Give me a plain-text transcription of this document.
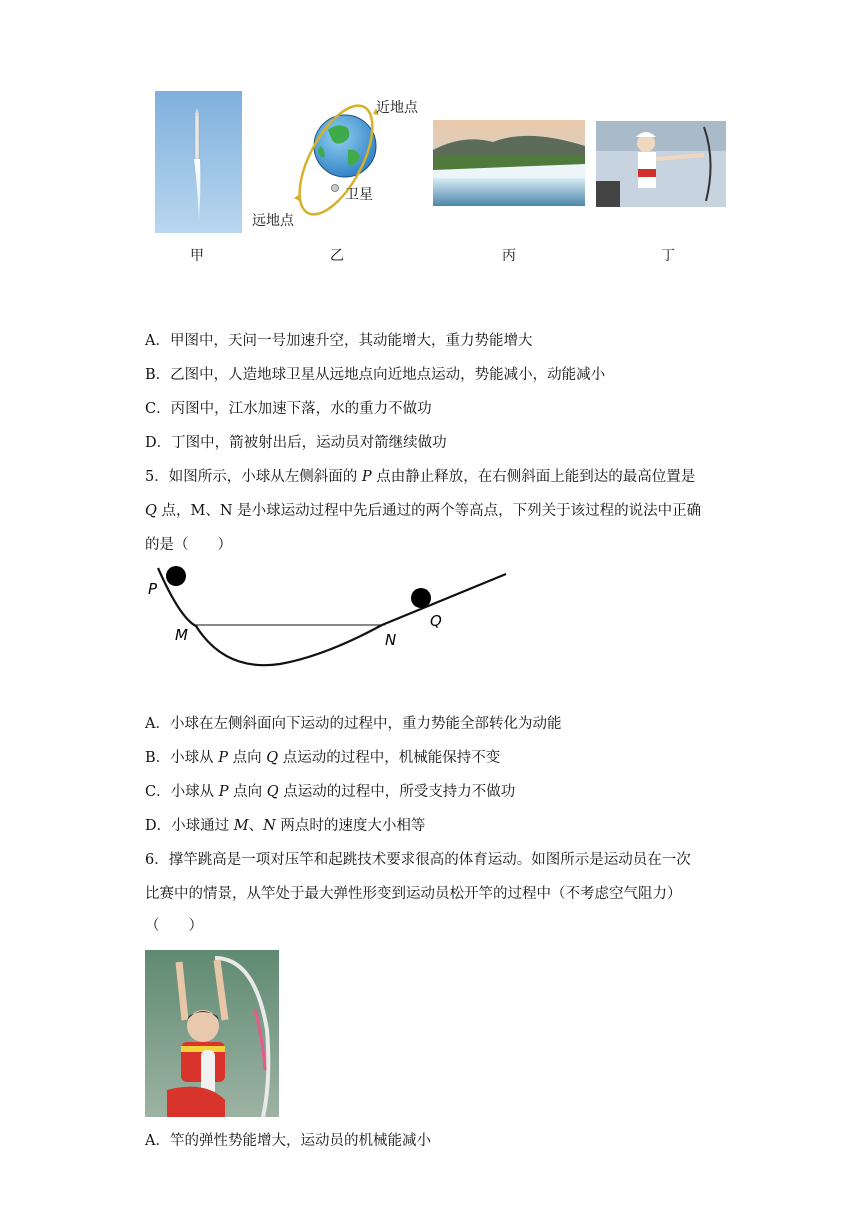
近地点
卫星
远地点
甲	乙	丙	丁
A．甲图中，天问一号加速升空，其动能增大，重力势能增大
B．乙图中，人造地球卫星从远地点向近地点运动，势能减小，动能减小
C．丙图中，江水加速下落，水的重力不做功
D．丁图中，箭被射出后，运动员对箭继续做功
5．如图所示，小球从左侧斜面的 P 点由静止释放，在右侧斜面上能到达的最高位置是
Q 点，M、N 是小球运动过程中先后通过的两个等高点，下列关于该过程的说法中正确
的是（　　）
P
M	N
Q
A．小球在左侧斜面向下运动的过程中，重力势能全部转化为动能
B．小球从 P 点向 Q 点运动的过程中，机械能保持不变
C．小球从 P 点向 Q 点运动的过程中，所受支持力不做功
D．小球通过 M、N 两点时的速度大小相等
6．撑竿跳高是一项对压竿和起跳技术要求很高的体育运动。如图所示是运动员在一次
比赛中的情景，从竿处于最大弹性形变到运动员松开竿的过程中（不考虑空气阻力）
（　　）
A．竿的弹性势能增大，运动员的机械能减小
